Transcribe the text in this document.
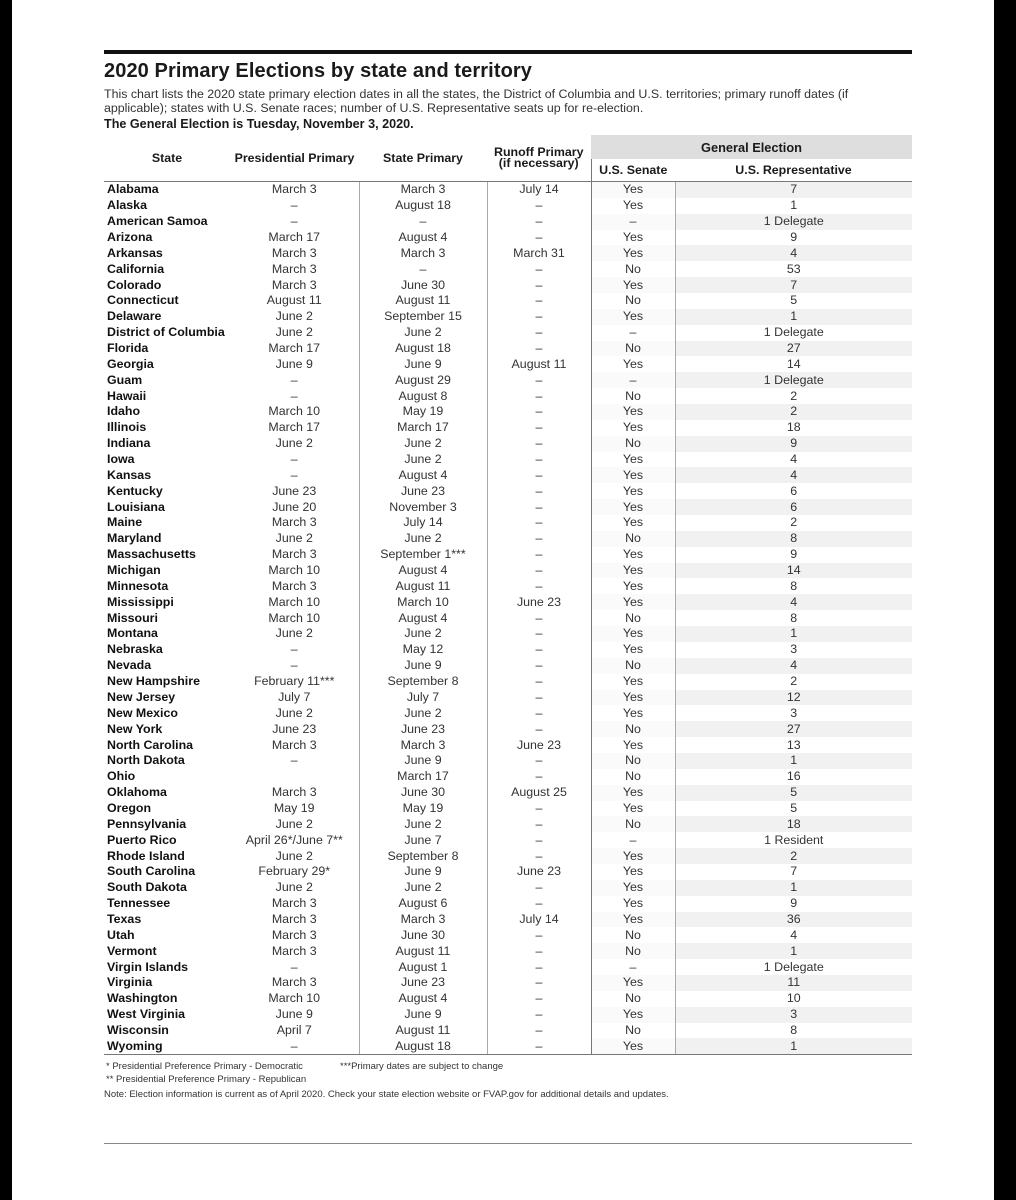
2020 Primary Elections by state and territory

This chart lists the 2020 state primary election dates in all the states, the District of Columbia and U.S. territories; primary runoff dates (if applicable); states with U.S. Senate races; number of U.S. Representative seats up for re-election.

The General Election is Tuesday, November 3, 2020.

State	Presidential Primary	State Primary	Runoff Primary (if necessary)	General Election	
				U.S. Senate	U.S. Representative
Alabama	March 3	March 3	July 14	Yes	7
Alaska	–	August 18	–	Yes	1
American Samoa	–	–	–	–	1 Delegate
Arizona	March 17	August 4	–	Yes	9
Arkansas	March 3	March 3	March 31	Yes	4
California	March 3	–	–	No	53
Colorado	March 3	June 30	–	Yes	7
Connecticut	August 11	August 11	–	No	5
Delaware	June 2	September 15	–	Yes	1
District of Columbia	June 2	June 2	–	–	1 Delegate
Florida	March 17	August 18	–	No	27
Georgia	June 9	June 9	August 11	Yes	14
Guam	–	August 29	–	–	1 Delegate
Hawaii	–	August 8	–	No	2
Idaho	March 10	May 19	–	Yes	2
Illinois	March 17	March 17	–	Yes	18
Indiana	June 2	June 2	–	No	9
Iowa	–	June 2	–	Yes	4
Kansas	–	August 4	–	Yes	4
Kentucky	June 23	June 23	–	Yes	6
Louisiana	June 20	November 3	–	Yes	6
Maine	March 3	July 14	–	Yes	2
Maryland	June 2	June 2	–	No	8
Massachusetts	March 3	September 1***	–	Yes	9
Michigan	March 10	August 4	–	Yes	14
Minnesota	March 3	August 11	–	Yes	8
Mississippi	March 10	March 10	June 23	Yes	4
Missouri	March 10	August 4	–	No	8
Montana	June 2	June 2	–	Yes	1
Nebraska	–	May 12	–	Yes	3
Nevada	–	June 9	–	No	4
New Hampshire	February 11***	September 8	–	Yes	2
New Jersey	July 7	July 7	–	Yes	12
New Mexico	June 2	June 2	–	Yes	3
New York	June 23	June 23	–	No	27
North Carolina	March 3	March 3	June 23	Yes	13
North Dakota	–	June 9	–	No	1
Ohio		March 17	–	No	16
Oklahoma	March 3	June 30	August 25	Yes	5
Oregon	May 19	May 19	–	Yes	5
Pennsylvania	June 2	June 2	–	No	18
Puerto Rico	April 26*/June 7**	June 7	–	–	1 Resident
Rhode Island	June 2	September 8	–	Yes	2
South Carolina	February 29*	June 9	June 23	Yes	7
South Dakota	June 2	June 2	–	Yes	1
Tennessee	March 3	August 6	–	Yes	9
Texas	March 3	March 3	July 14	Yes	36
Utah	March 3	June 30	–	No	4
Vermont	March 3	August 11	–	No	1
Virgin Islands	–	August 1	–	–	1 Delegate
Virginia	March 3	June 23	–	Yes	11
Washington	March 10	August 4	–	No	10
West Virginia	June 9	June 9	–	Yes	3
Wisconsin	April 7	August 11	–	No	8
Wyoming	–	August 18	–	Yes	1
* Presidential Preference Primary - Democratic	***Primary dates are subject to change
** Presidential Preference Primary - Republican
Note: Election information is current as of April 2020. Check your state election website or FVAP.gov for additional details and updates.
